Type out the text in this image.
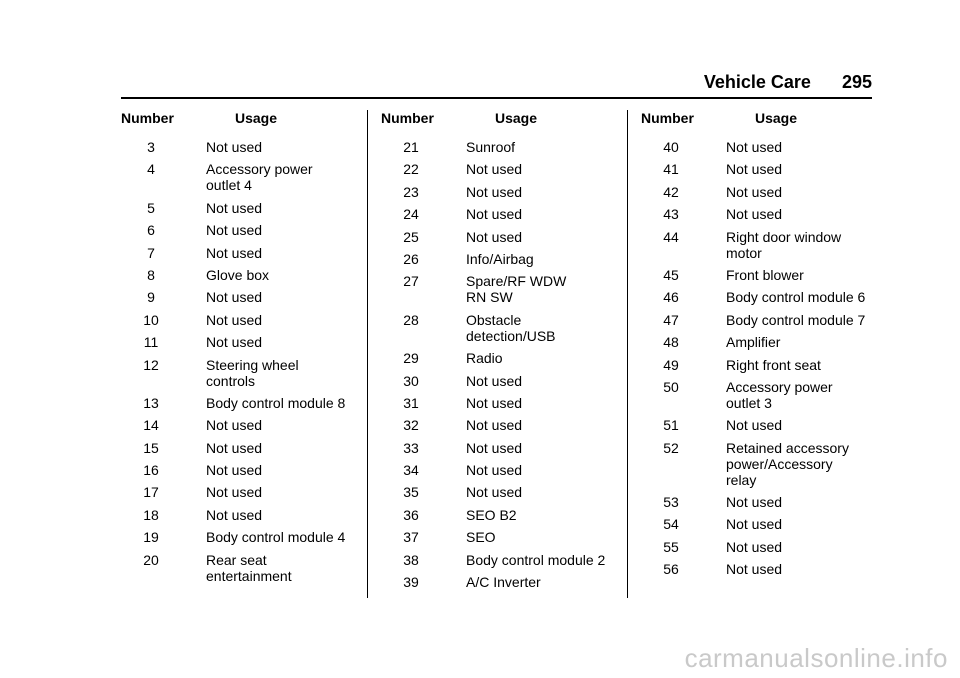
Vehicle Care 295
Number	Usage
3	Not used
4	Accessory power
outlet 4
5	Not used
6	Not used
7	Not used
8	Glove box
9	Not used
10	Not used
11	Not used
12	Steering wheel
controls
13	Body control module 8
14	Not used
15	Not used
16	Not used
17	Not used
18	Not used
19	Body control module 4
20	Rear seat
entertainment
Number	Usage
21	Sunroof
22	Not used
23	Not used
24	Not used
25	Not used
26	Info/Airbag
27	Spare/RF WDW
RN SW
28	Obstacle
detection/USB
29	Radio
30	Not used
31	Not used
32	Not used
33	Not used
34	Not used
35	Not used
36	SEO B2
37	SEO
38	Body control module 2
39	A/C Inverter
Number	Usage
40	Not used
41	Not used
42	Not used
43	Not used
44	Right door window
motor
45	Front blower
46	Body control module 6
47	Body control module 7
48	Amplifier
49	Right front seat
50	Accessory power
outlet 3
51	Not used
52	Retained accessory
power/Accessory
relay
53	Not used
54	Not used
55	Not used
56	Not used
carmanualsonline.info
